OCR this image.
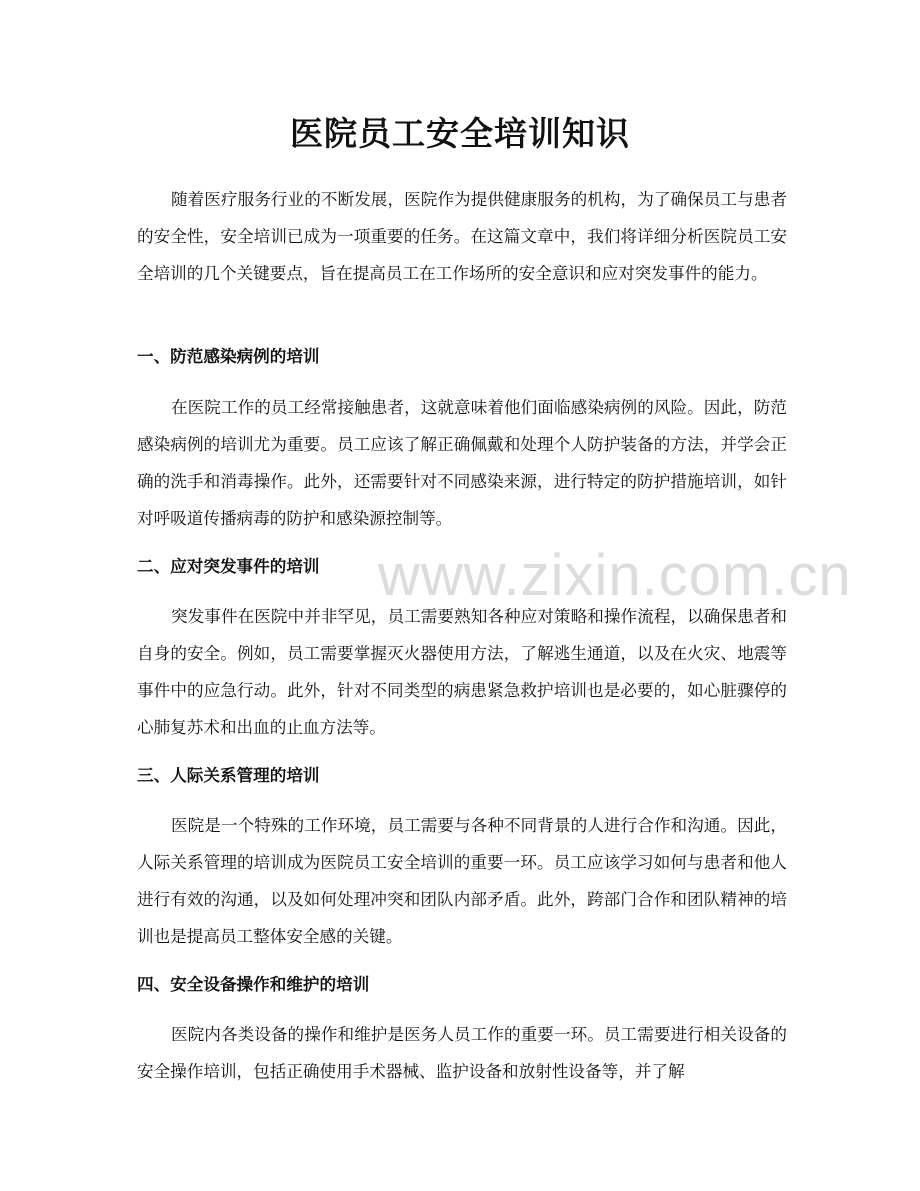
医院员工安全培训知识

随着医疗服务行业的不断发展，医院作为提供健康服务的机构，为了确保员工与患者的安全性，安全培训已成为一项重要的任务。在这篇文章中，我们将详细分析医院员工安全培训的几个关键要点，旨在提高员工在工作场所的安全意识和应对突发事件的能力。

一、防范感染病例的培训

在医院工作的员工经常接触患者，这就意味着他们面临感染病例的风险。因此，防范感染病例的培训尤为重要。员工应该了解正确佩戴和处理个人防护装备的方法，并学会正确的洗手和消毒操作。此外，还需要针对不同感染来源，进行特定的防护措施培训，如针对呼吸道传播病毒的防护和感染源控制等。

二、应对突发事件的培训

突发事件在医院中并非罕见，员工需要熟知各种应对策略和操作流程，以确保患者和自身的安全。例如，员工需要掌握灭火器使用方法，了解逃生通道，以及在火灾、地震等事件中的应急行动。此外，针对不同类型的病患紧急救护培训也是必要的，如心脏骤停的心肺复苏术和出血的止血方法等。

三、人际关系管理的培训

医院是一个特殊的工作环境，员工需要与各种不同背景的人进行合作和沟通。因此，人际关系管理的培训成为医院员工安全培训的重要一环。员工应该学习如何与患者和他人进行有效的沟通，以及如何处理冲突和团队内部矛盾。此外，跨部门合作和团队精神的培训也是提高员工整体安全感的关键。

四、安全设备操作和维护的培训

医院内各类设备的操作和维护是医务人员工作的重要一环。员工需要进行相关设备的安全操作培训，包括正确使用手术器械、监护设备和放射性设备等，并了解

www.zixin.com.cn
